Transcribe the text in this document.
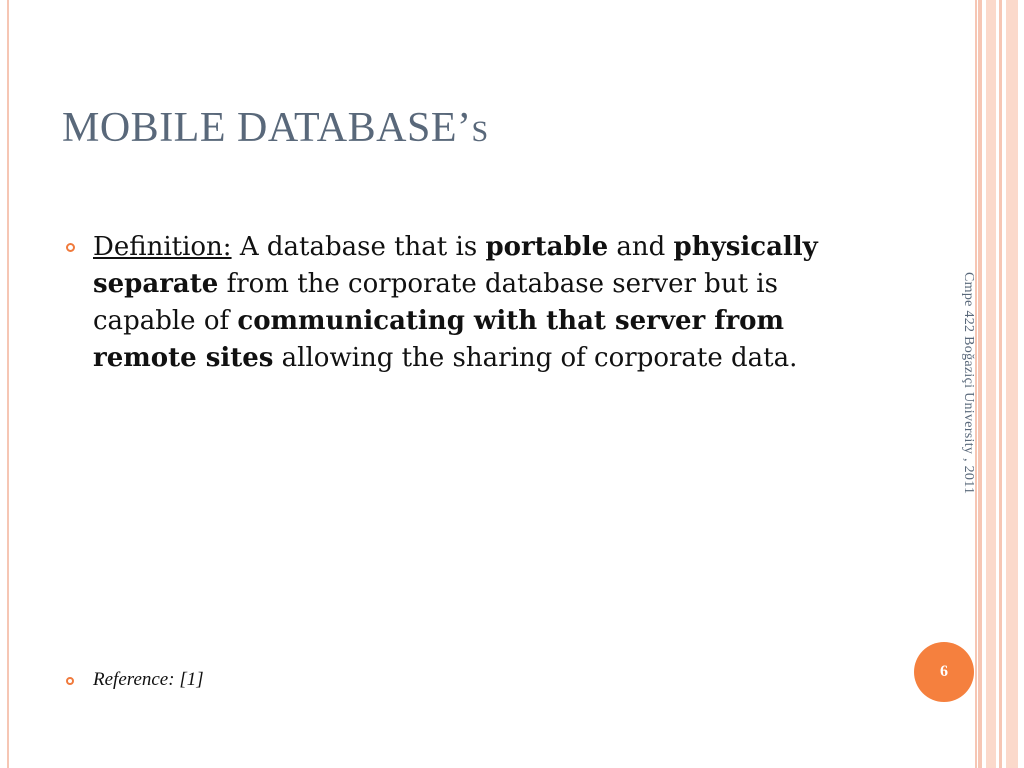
MOBILE DATABASE’S
Definition: A database that is portable and physically separate from the corporate database server but is capable of communicating with that server from remote sites allowing the sharing of corporate data.
Reference: [1]
Cmpe 422 Boğaziçi University , 2011
6
